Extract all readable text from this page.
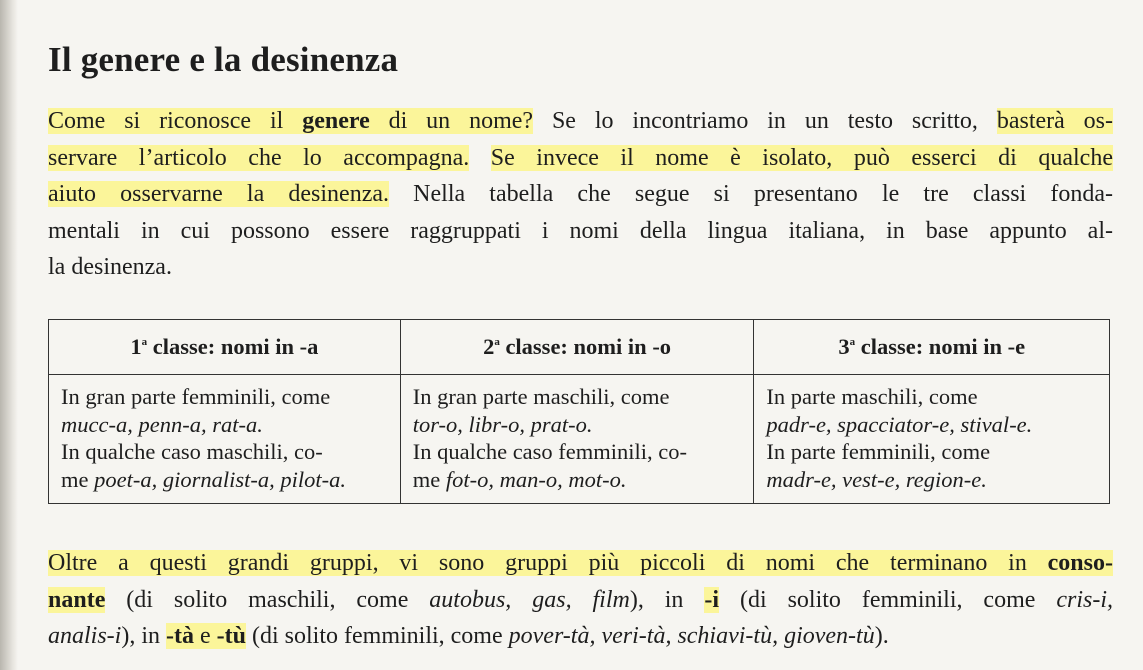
Il genere e la desinenza

Come si riconosce il genere di un nome? Se lo incontriamo in un testo scritto, basterà os-
servare l’articolo che lo accompagna. Se invece il nome è isolato, può esserci di qualche
aiuto osservarne la desinenza. Nella tabella che segue si presentano le tre classi fonda-
mentali in cui possono essere raggruppati i nomi della lingua italiana, in base appunto al-
la desinenza.

1$^a$ classe: nomi in -a	2$^a$ classe: nomi in -o	3$^a$ classe: nomi in -e

In gran parte femminili, come
mucc-a, penn-a, rat-a.
In qualche caso maschili, co-
me poet-a, giornalist-a, pilot-a.	In gran parte maschili, come
tor-o, libr-o, prat-o.
In qualche caso femminili, co-
me fot-o, man-o, mot-o.	In parte maschili, come
padr-e, spacciator-e, stival-e.
In parte femminili, come
madr-e, vest-e, region-e.

Oltre a questi grandi gruppi, vi sono gruppi più piccoli di nomi che terminano in conso-
nante (di solito maschili, come autobus, gas, film), in -i (di solito femminili, come cris-i,
analis-i), in -tà e -tù (di solito femminili, come pover-tà, veri-tà, schiavi-tù, gioven-tù).
